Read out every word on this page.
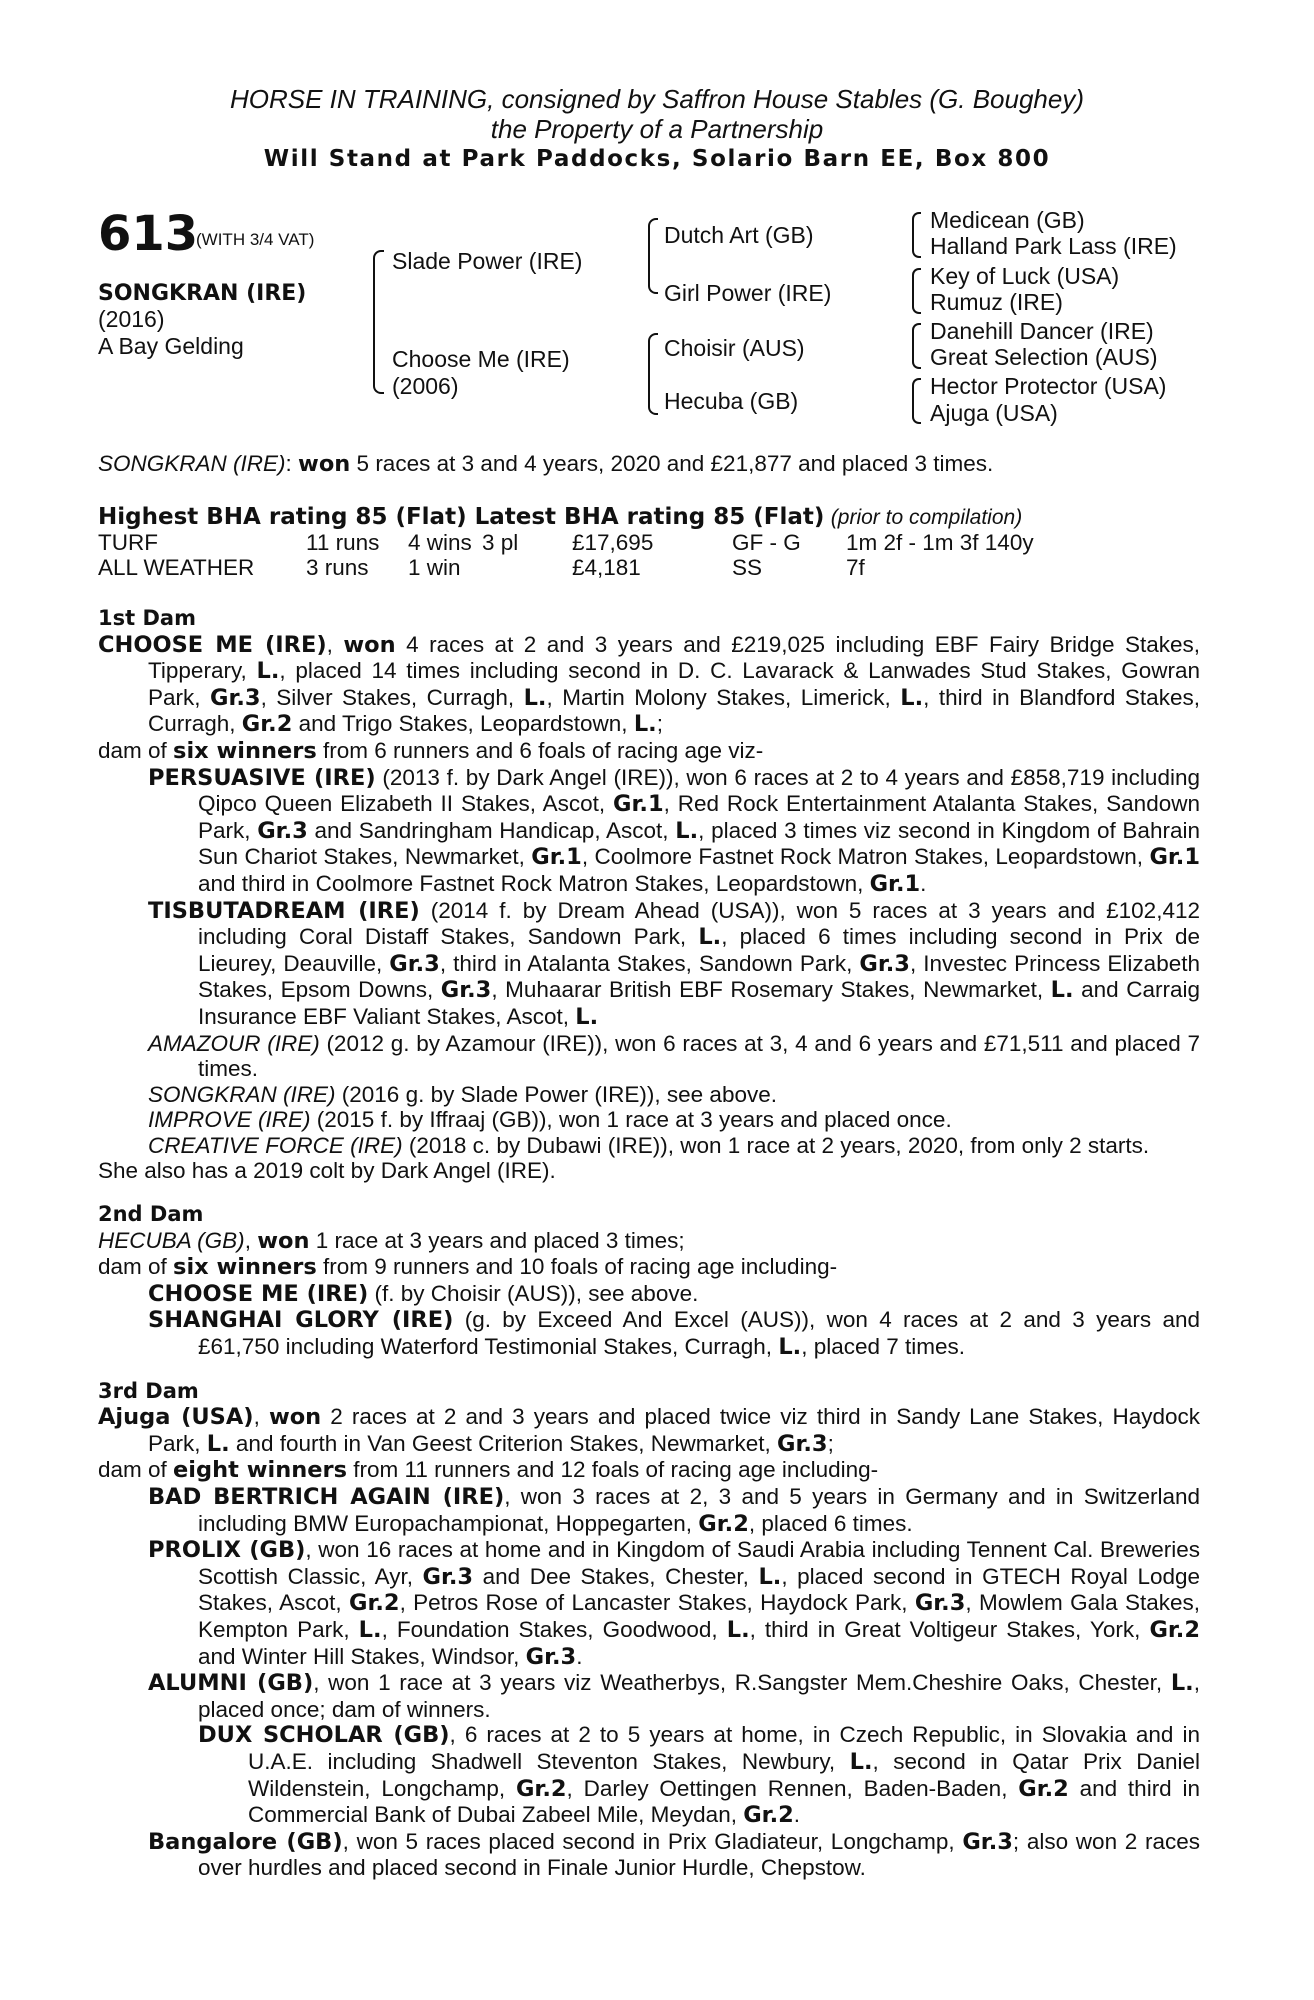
HORSE IN TRAINING, consigned by Saffron House Stables (G. Boughey)
the Property of a Partnership
Will Stand at Park Paddocks, Solario Barn EE, Box 800
613
(WITH 3/4 VAT)
SONGKRAN (IRE)
(2016)
A Bay Gelding
Slade Power (IRE)
Choose Me (IRE)
(2006)
Dutch Art (GB)
Girl Power (IRE)
Choisir (AUS)
Hecuba (GB)
Medicean (GB)
Halland Park Lass (IRE)
Key of Luck (USA)
Rumuz (IRE)
Danehill Dancer (IRE)
Great Selection (AUS)
Hector Protector (USA)
Ajuga (USA)
SONGKRAN (IRE): won 5 races at 3 and 4 years, 2020 and £21,877 and placed 3 times.
Highest BHA rating 85 (Flat) Latest BHA rating 85 (Flat) (prior to compilation)
TURF	11 runs	4 wins	3 pl	£17,695	GF - G	1m 2f - 1m 3f 140y
ALL WEATHER	3 runs	1 win		£4,181	SS	7f

1st Dam

CHOOSE ME (IRE), won 4 races at 2 and 3 years and £219,025 including EBF Fairy Bridge Stakes, Tipperary, L., placed 14 times including second in D. C. Lavarack & Lanwades Stud Stakes, Gowran Park, Gr.3, Silver Stakes, Curragh, L., Martin Molony Stakes, Limerick, L., third in Blandford Stakes, Curragh, Gr.2 and Trigo Stakes, Leopardstown, L.;

dam of six winners from 6 runners and 6 foals of racing age viz-

PERSUASIVE (IRE) (2013 f. by Dark Angel (IRE)), won 6 races at 2 to 4 years and £858,719 including Qipco Queen Elizabeth II Stakes, Ascot, Gr.1, Red Rock Entertainment Atalanta Stakes, Sandown Park, Gr.3 and Sandringham Handicap, Ascot, L., placed 3 times viz second in Kingdom of Bahrain Sun Chariot Stakes, Newmarket, Gr.1, Coolmore Fastnet Rock Matron Stakes, Leopardstown, Gr.1 and third in Coolmore Fastnet Rock Matron Stakes, Leopardstown, Gr.1.

TISBUTADREAM (IRE) (2014 f. by Dream Ahead (USA)), won 5 races at 3 years and £102,412 including Coral Distaff Stakes, Sandown Park, L., placed 6 times including second in Prix de Lieurey, Deauville, Gr.3, third in Atalanta Stakes, Sandown Park, Gr.3, Investec Princess Elizabeth Stakes, Epsom Downs, Gr.3, Muhaarar British EBF Rosemary Stakes, Newmarket, L. and Carraig Insurance EBF Valiant Stakes, Ascot, L.

AMAZOUR (IRE) (2012 g. by Azamour (IRE)), won 6 races at 3, 4 and 6 years and £71,511 and placed 7 times.

SONGKRAN (IRE) (2016 g. by Slade Power (IRE)), see above.

IMPROVE (IRE) (2015 f. by Iffraaj (GB)), won 1 race at 3 years and placed once.

CREATIVE FORCE (IRE) (2018 c. by Dubawi (IRE)), won 1 race at 2 years, 2020, from only 2 starts.

She also has a 2019 colt by Dark Angel (IRE).

2nd Dam

HECUBA (GB), won 1 race at 3 years and placed 3 times;

dam of six winners from 9 runners and 10 foals of racing age including-

CHOOSE ME (IRE) (f. by Choisir (AUS)), see above.

SHANGHAI GLORY (IRE) (g. by Exceed And Excel (AUS)), won 4 races at 2 and 3 years and £61,750 including Waterford Testimonial Stakes, Curragh, L., placed 7 times.

3rd Dam

Ajuga (USA), won 2 races at 2 and 3 years and placed twice viz third in Sandy Lane Stakes, Haydock Park, L. and fourth in Van Geest Criterion Stakes, Newmarket, Gr.3;

dam of eight winners from 11 runners and 12 foals of racing age including-

BAD BERTRICH AGAIN (IRE), won 3 races at 2, 3 and 5 years in Germany and in Switzerland including BMW Europachampionat, Hoppegarten, Gr.2, placed 6 times.

PROLIX (GB), won 16 races at home and in Kingdom of Saudi Arabia including Tennent Cal. Breweries Scottish Classic, Ayr, Gr.3 and Dee Stakes, Chester, L., placed second in GTECH Royal Lodge Stakes, Ascot, Gr.2, Petros Rose of Lancaster Stakes, Haydock Park, Gr.3, Mowlem Gala Stakes, Kempton Park, L., Foundation Stakes, Goodwood, L., third in Great Voltigeur Stakes, York, Gr.2 and Winter Hill Stakes, Windsor, Gr.3.

ALUMNI (GB), won 1 race at 3 years viz Weatherbys, R.Sangster Mem.Cheshire Oaks, Chester, L., placed once; dam of winners.

DUX SCHOLAR (GB), 6 races at 2 to 5 years at home, in Czech Republic, in Slovakia and in U.A.E. including Shadwell Steventon Stakes, Newbury, L., second in Qatar Prix Daniel Wildenstein, Longchamp, Gr.2, Darley Oettingen Rennen, Baden-Baden, Gr.2 and third in Commercial Bank of Dubai Zabeel Mile, Meydan, Gr.2.

Bangalore (GB), won 5 races placed second in Prix Gladiateur, Longchamp, Gr.3; also won 2 races over hurdles and placed second in Finale Junior Hurdle, Chepstow.
